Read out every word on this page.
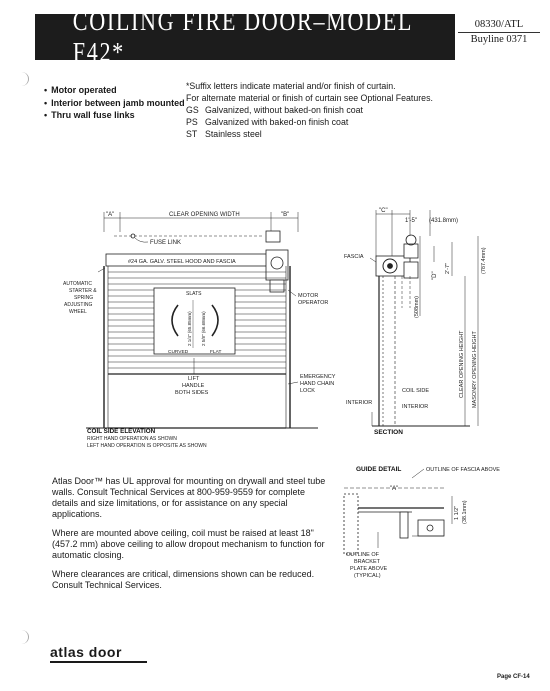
COILING FIRE DOOR–MODEL F42*
08330/ATL
Buyline 0371
• Motor operated
• Interior between jamb mounted
• Thru wall fuse links
*Suffix letters indicate material and/or finish of curtain.
For alternate material or finish of curtain see Optional Features.
GS Galvanized, without baked-on finish coat
PS Galvanized with baked-on finish coat
ST Stainless steel
"A"	CLEAR OPENING WIDTH	"B"
FUSE LINK
#24 GA. GALV. STEEL HOOD AND FASCIA
SLATS
2 1/4" (65.85mm) 2 5/8" (66.68mm)
CURVED	FLAT
LIFT
HANDLE
BOTH SIDES
AUTOMATIC
STARTER &
SPRING
ADJUSTING
WHEEL
MOTOR
OPERATOR
EMERGENCY
HAND CHAIN
LOCK
COIL SIDE ELEVATION
RIGHT HAND OPERATION AS SHOWN
LEFT HAND OPERATION IS OPPOSITE AS SHOWN
"C"
1'-5" (431.8mm)
FASCIA
"D"
2'-7"	(787.4mm)
(508mm)
CLEAR OPENING HEIGHT MASONRY OPENING HEIGHT
INTERIOR
COIL SIDE
INTERIOR
SECTION
GUIDE DETAIL	OUTLINE OF FASCIA ABOVE
"A"
1 1/2" (38.1mm)
OUTLINE OF
BRACKET
PLATE ABOVE
(TYPICAL)

Atlas Door™ has UL approval for mounting on drywall and steel tube walls. Consult Technical Services at 800-959-9559 for complete details and size limitations, or for assistance on any special applications.

Where are mounted above ceiling, coil must be raised at least 18" (457.2 mm) above ceiling to allow dropout mechanism to function for automatic closing.

Where clearances are critical, dimensions shown can be reduced. Consult Technical Services.

atlas door
Page CF-14
